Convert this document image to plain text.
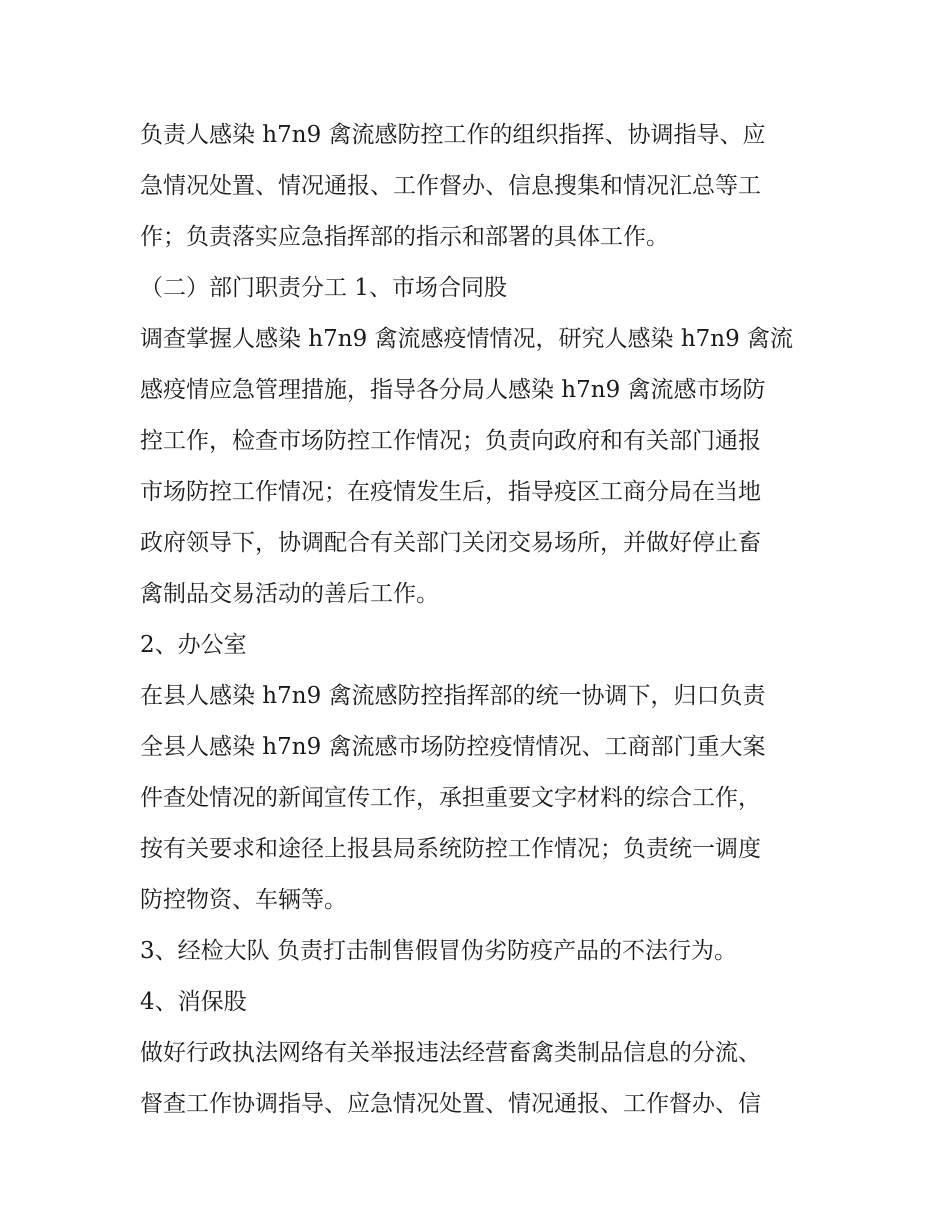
负责人感染 h7n9 禽流感防控工作的组织指挥、协调指导、应
急情况处置、情况通报、工作督办、信息搜集和情况汇总等工
作；负责落实应急指挥部的指示和部署的具体工作。
（二）部门职责分工 1、市场合同股
调查掌握人感染 h7n9 禽流感疫情情况，研究人感染 h7n9 禽流
感疫情应急管理措施，指导各分局人感染 h7n9 禽流感市场防
控工作，检查市场防控工作情况；负责向政府和有关部门通报
市场防控工作情况；在疫情发生后，指导疫区工商分局在当地
政府领导下，协调配合有关部门关闭交易场所，并做好停止畜
禽制品交易活动的善后工作。
2、办公室
在县人感染 h7n9 禽流感防控指挥部的统一协调下，归口负责
全县人感染 h7n9 禽流感市场防控疫情情况、工商部门重大案
件查处情况的新闻宣传工作，承担重要文字材料的综合工作，
按有关要求和途径上报县局系统防控工作情况；负责统一调度
防控物资、车辆等。
3、经检大队 负责打击制售假冒伪劣防疫产品的不法行为。
4、消保股
做好行政执法网络有关举报违法经营畜禽类制品信息的分流、
督查工作协调指导、应急情况处置、情况通报、工作督办、信
